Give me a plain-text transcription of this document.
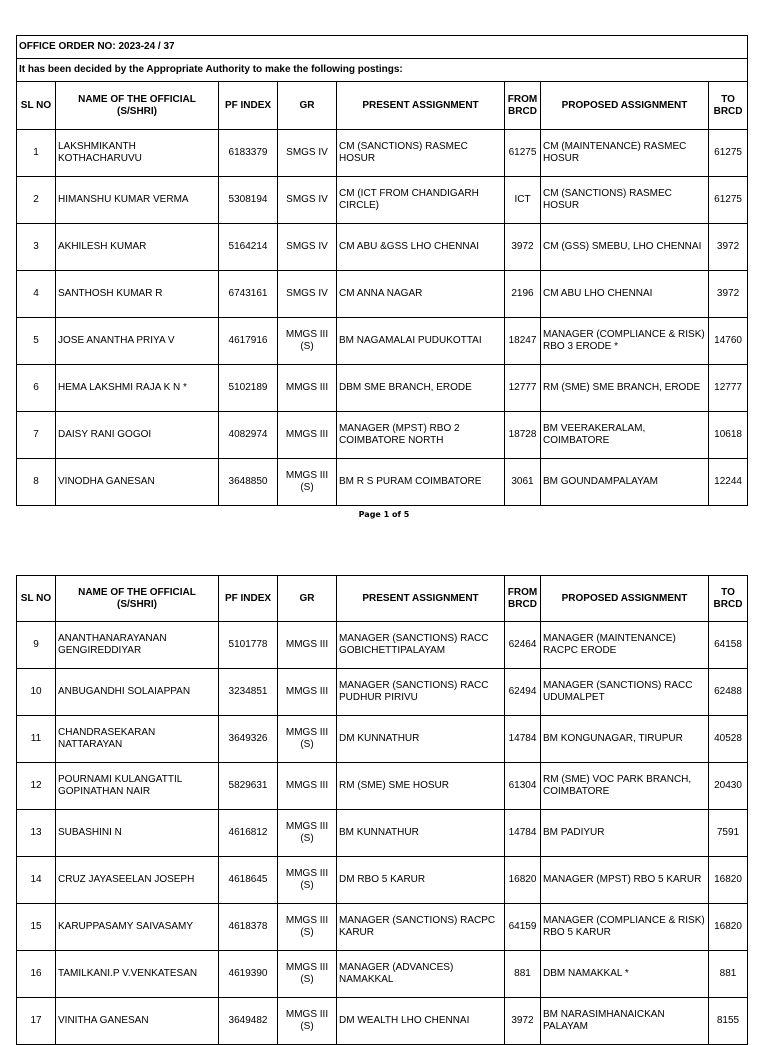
OFFICE ORDER NO: 2023-24 / 37							
It has been decided by the Appropriate Authority to make the following postings:							
SL NO	NAME OF THE OFFICIAL (S/SHRI)	PF INDEX	GR	PRESENT ASSIGNMENT	FROM BRCD	PROPOSED ASSIGNMENT	TO BRCD
1	LAKSHMIKANTH KOTHACHARUVU	6183379	SMGS IV	CM (SANCTIONS) RASMEC HOSUR	61275	CM (MAINTENANCE) RASMEC HOSUR	61275
2	HIMANSHU KUMAR VERMA	5308194	SMGS IV	CM (ICT FROM CHANDIGARH CIRCLE)	ICT	CM (SANCTIONS) RASMEC HOSUR	61275
3	AKHILESH KUMAR	5164214	SMGS IV	CM ABU &GSS LHO CHENNAI	3972	CM (GSS) SMEBU, LHO CHENNAI	3972
4	SANTHOSH KUMAR R	6743161	SMGS IV	CM ANNA NAGAR	2196	CM ABU LHO CHENNAI	3972
5	JOSE ANANTHA PRIYA V	4617916	MMGS III (S)	BM NAGAMALAI PUDUKOTTAI	18247	MANAGER (COMPLIANCE & RISK) RBO 3 ERODE *	14760
6	HEMA LAKSHMI RAJA K N *	5102189	MMGS III	DBM SME BRANCH, ERODE	12777	RM (SME) SME BRANCH, ERODE	12777
7	DAISY RANI GOGOI	4082974	MMGS III	MANAGER (MPST) RBO 2 COIMBATORE NORTH	18728	BM VEERAKERALAM, COIMBATORE	10618
8	VINODHA GANESAN	3648850	MMGS III (S)	BM R S PURAM COIMBATORE	3061	BM GOUNDAMPALAYAM	12244
Page 1 of 5
SL NO	NAME OF THE OFFICIAL (S/SHRI)	PF INDEX	GR	PRESENT ASSIGNMENT	FROM BRCD	PROPOSED ASSIGNMENT	TO BRCD
9	ANANTHANARAYANAN GENGIREDDIYAR	5101778	MMGS III	MANAGER (SANCTIONS) RACC GOBICHETTIPALAYAM	62464	MANAGER (MAINTENANCE) RACPC ERODE	64158
10	ANBUGANDHI SOLAIAPPAN	3234851	MMGS III	MANAGER (SANCTIONS) RACC PUDHUR PIRIVU	62494	MANAGER (SANCTIONS) RACC UDUMALPET	62488
11	CHANDRASEKARAN NATTARAYAN	3649326	MMGS III (S)	DM KUNNATHUR	14784	BM KONGUNAGAR, TIRUPUR	40528
12	POURNAMI KULANGATTIL GOPINATHAN NAIR	5829631	MMGS III	RM (SME) SME HOSUR	61304	RM (SME) VOC PARK BRANCH, COIMBATORE	20430
13	SUBASHINI N	4616812	MMGS III (S)	BM KUNNATHUR	14784	BM PADIYUR	7591
14	CRUZ JAYASEELAN JOSEPH	4618645	MMGS III (S)	DM RBO 5 KARUR	16820	MANAGER (MPST) RBO 5 KARUR	16820
15	KARUPPASAMY SAIVASAMY	4618378	MMGS III (S)	MANAGER (SANCTIONS) RACPC KARUR	64159	MANAGER (COMPLIANCE & RISK) RBO 5 KARUR	16820
16	TAMILKANI.P V.VENKATESAN	4619390	MMGS III (S)	MANAGER (ADVANCES) NAMAKKAL	881	DBM NAMAKKAL *	881
17	VINITHA GANESAN	3649482	MMGS III (S)	DM WEALTH LHO CHENNAI	3972	BM NARASIMHANAICKAN PALAYAM	8155
